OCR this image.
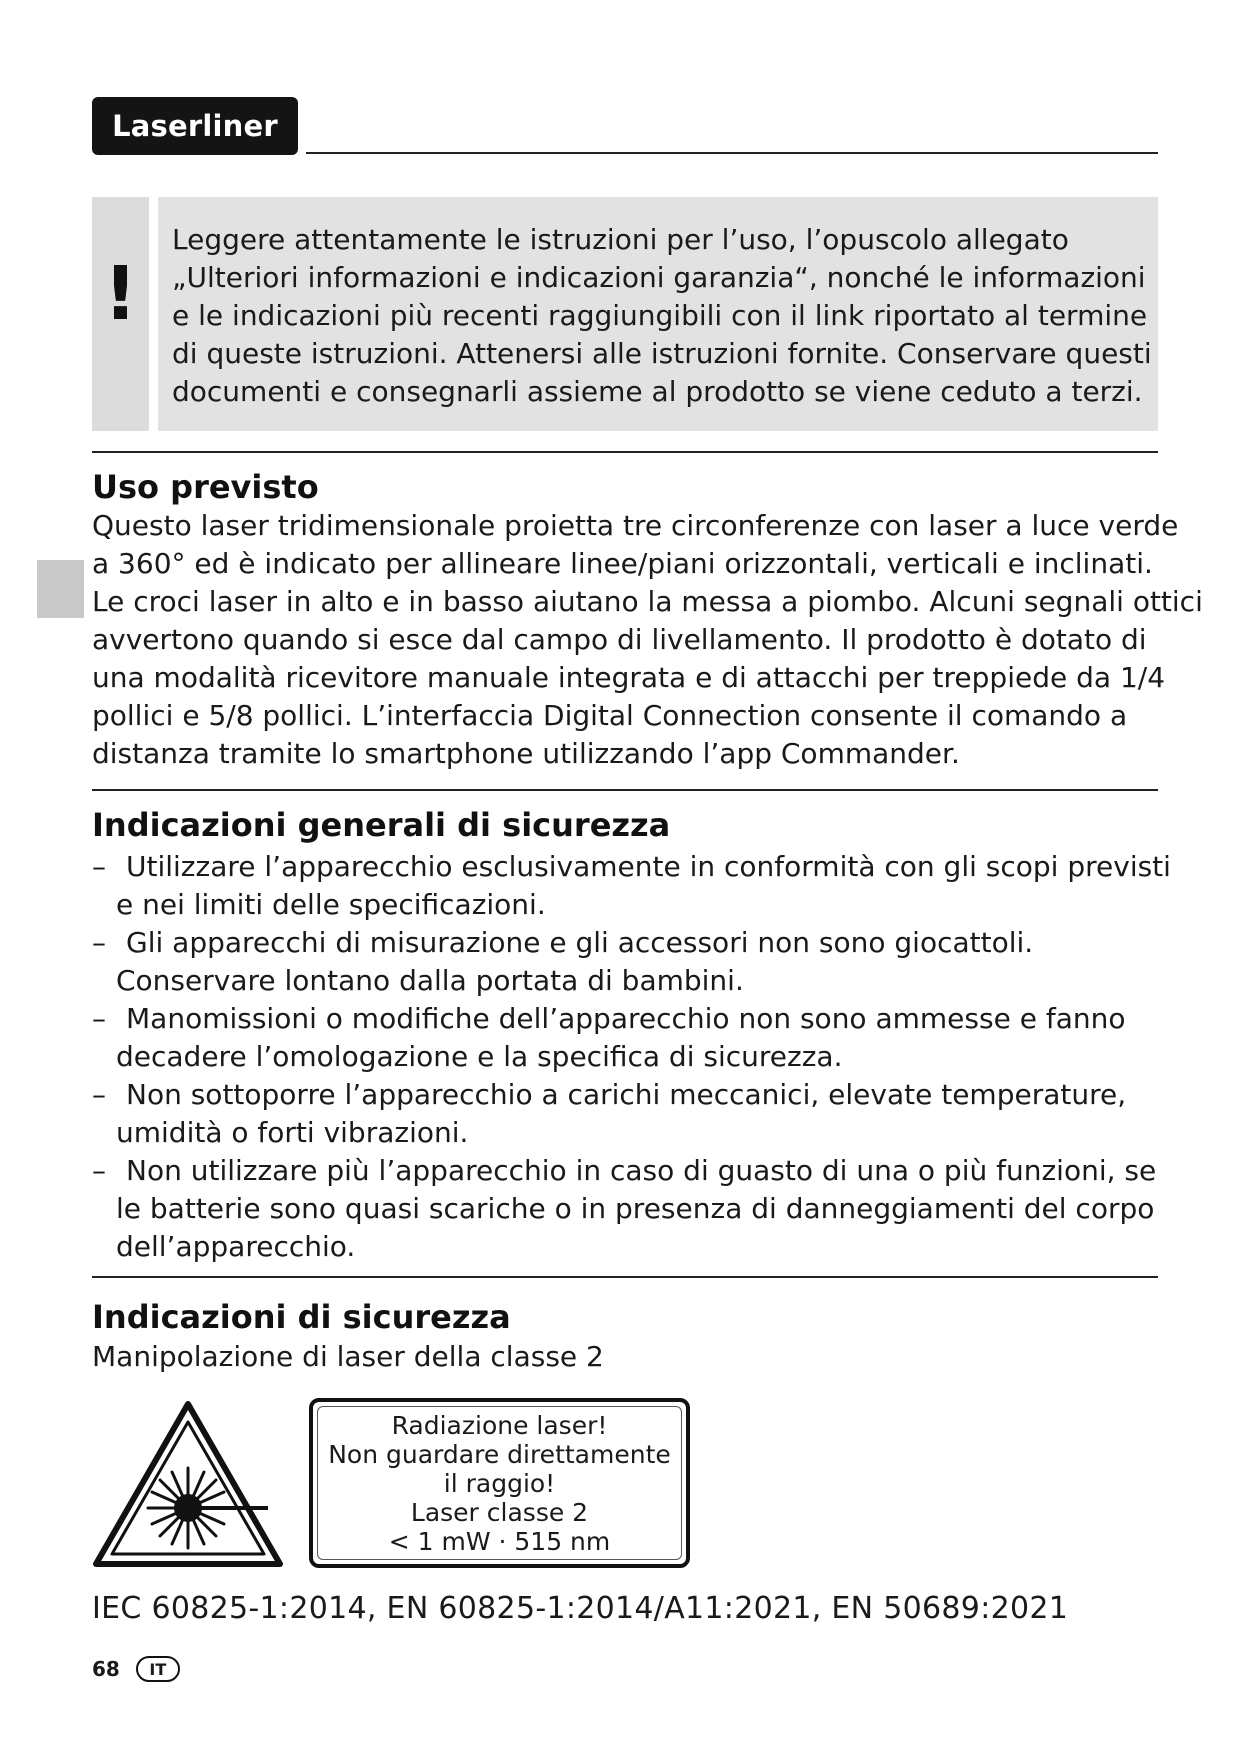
Laserliner
!
Leggere attentamente le istruzioni per l’uso, l’opuscolo allegato
„Ulteriori informazioni e indicazioni garanzia“, nonché le informazioni
e le indicazioni più recenti raggiungibili con il link riportato al termine
di queste istruzioni. Attenersi alle istruzioni fornite. Conservare questi
documenti e consegnarli assieme al prodotto se viene ceduto a terzi.
Uso previsto
Questo laser tridimensionale proietta tre circonferenze con laser a luce verde
a 360° ed è indicato per allineare linee/piani orizzontali, verticali e inclinati.
Le croci laser in alto e in basso aiutano la messa a piombo. Alcuni segnali ottici
avvertono quando si esce dal campo di livellamento. Il prodotto è dotato di
una modalità ricevitore manuale integrata e di attacchi per treppiede da 1/4
pollici e 5/8 pollici. L’interfaccia Digital Connection consente il comando a
distanza tramite lo smartphone utilizzando l’app Commander.
Indicazioni generali di sicurezza
– Utilizzare l’apparecchio esclusivamente in conformità con gli scopi previsti
e nei limiti delle specificazioni.
– Gli apparecchi di misurazione e gli accessori non sono giocattoli.
Conservare lontano dalla portata di bambini.
– Manomissioni o modifiche dell’apparecchio non sono ammesse e fanno
decadere l’omologazione e la specifica di sicurezza.
– Non sottoporre l’apparecchio a carichi meccanici, elevate temperature,
umidità o forti vibrazioni.
– Non utilizzare più l’apparecchio in caso di guasto di una o più funzioni, se
le batterie sono quasi scariche o in presenza di danneggiamenti del corpo
dell’apparecchio.
Indicazioni di sicurezza
Manipolazione di laser della classe 2
Radiazione laser!
Non guardare direttamente
il raggio!
Laser classe 2
< 1 mW · 515 nm
IEC 60825-1:2014, EN 60825-1:2014/A11:2021, EN 50689:2021
68	IT
